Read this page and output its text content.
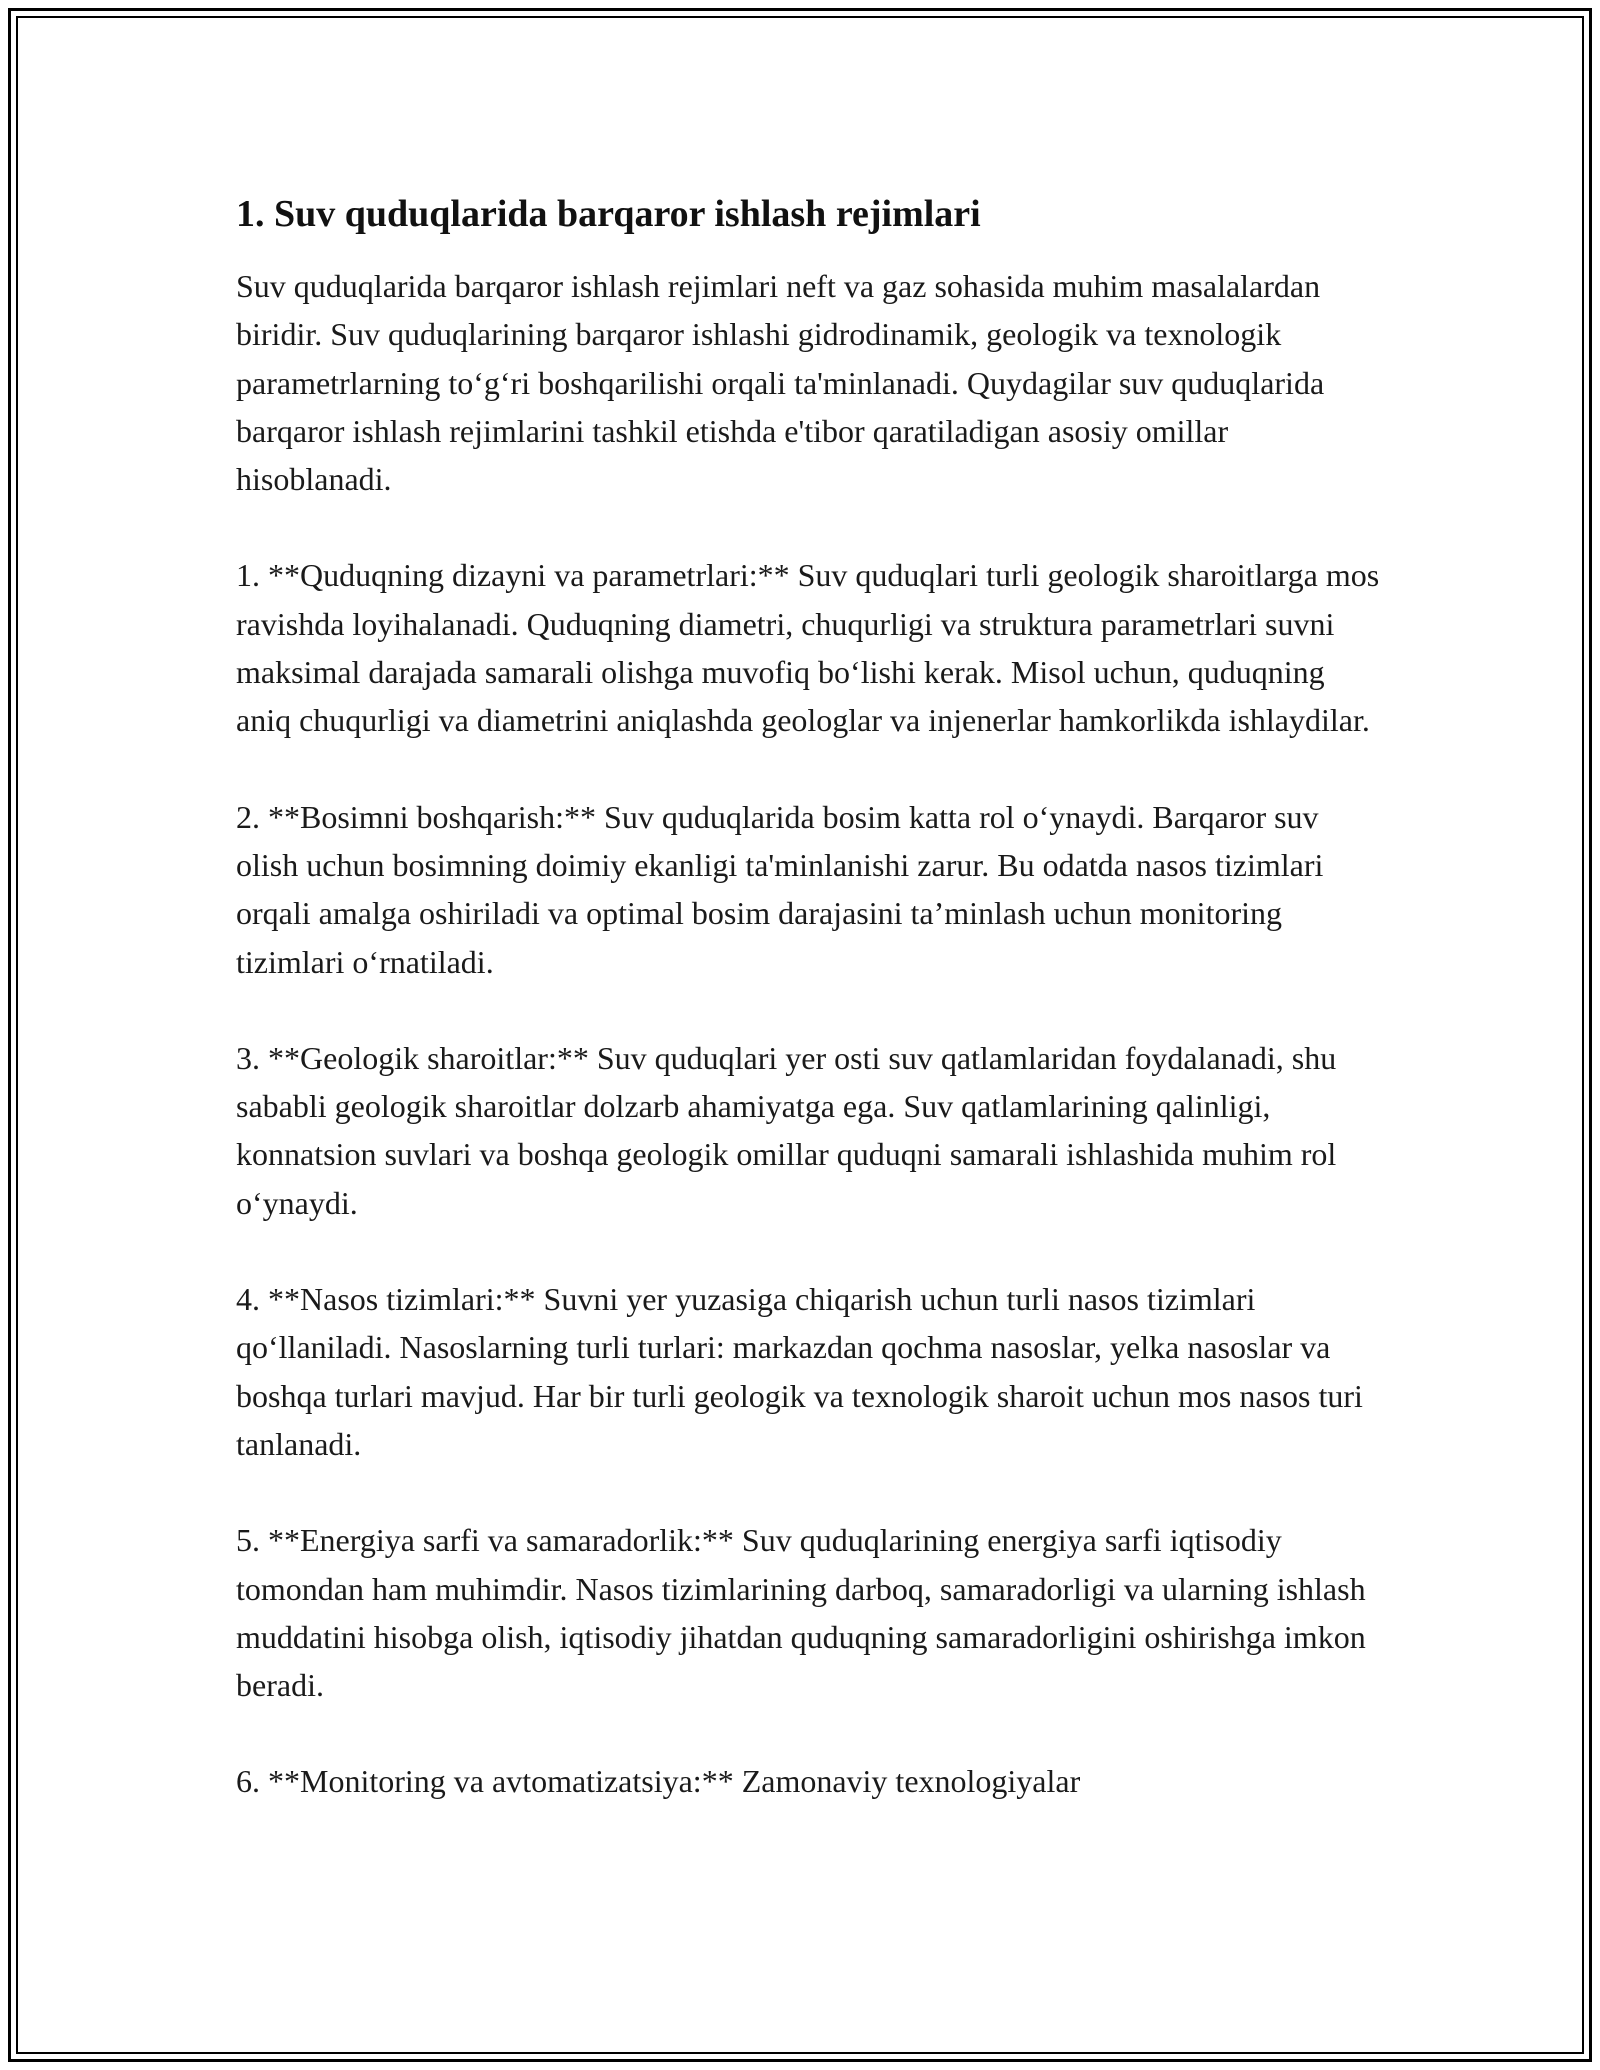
1. Suv quduqlarida barqaror ishlash rejimlari

Suv quduqlarida barqaror ishlash rejimlari neft va gaz sohasida muhim masalalardan biridir. Suv quduqlarining barqaror ishlashi gidrodinamik, geologik va texnologik parametrlarning to‘g‘ri boshqarilishi orqali ta'minlanadi. Quydagilar suv quduqlarida barqaror ishlash rejimlarini tashkil etishda e'tibor qaratiladigan asosiy omillar hisoblanadi.

1. **Quduqning dizayni va parametrlari:** Suv quduqlari turli geologik sharoitlarga mos ravishda loyihalanadi. Quduqning diametri, chuqurligi va struktura parametrlari suvni maksimal darajada samarali olishga muvofiq bo‘lishi kerak. Misol uchun, quduqning aniq chuqurligi va diametrini aniqlashda geologlar va injenerlar hamkorlikda ishlaydilar.

2. **Bosimni boshqarish:** Suv quduqlarida bosim katta rol o‘ynaydi. Barqaror suv olish uchun bosimning doimiy ekanligi ta'minlanishi zarur. Bu odatda nasos tizimlari orqali amalga oshiriladi va optimal bosim darajasini ta’minlash uchun monitoring tizimlari o‘rnatiladi.

3. **Geologik sharoitlar:** Suv quduqlari yer osti suv qatlamlaridan foydalanadi, shu sababli geologik sharoitlar dolzarb ahamiyatga ega. Suv qatlamlarining qalinligi, konnatsion suvlari va boshqa geologik omillar quduqni samarali ishlashida muhim rol o‘ynaydi.

4. **Nasos tizimlari:** Suvni yer yuzasiga chiqarish uchun turli nasos tizimlari qo‘llaniladi. Nasoslarning turli turlari: markazdan qochma nasoslar, yelka nasoslar va boshqa turlari mavjud. Har bir turli geologik va texnologik sharoit uchun mos nasos turi tanlanadi.

5. **Energiya sarfi va samaradorlik:** Suv quduqlarining energiya sarfi iqtisodiy tomondan ham muhimdir. Nasos tizimlarining darboq, samaradorligi va ularning ishlash muddatini hisobga olish, iqtisodiy jihatdan quduqning samaradorligini oshirishga imkon beradi.

6. **Monitoring va avtomatizatsiya:** Zamonaviy texnologiyalar
